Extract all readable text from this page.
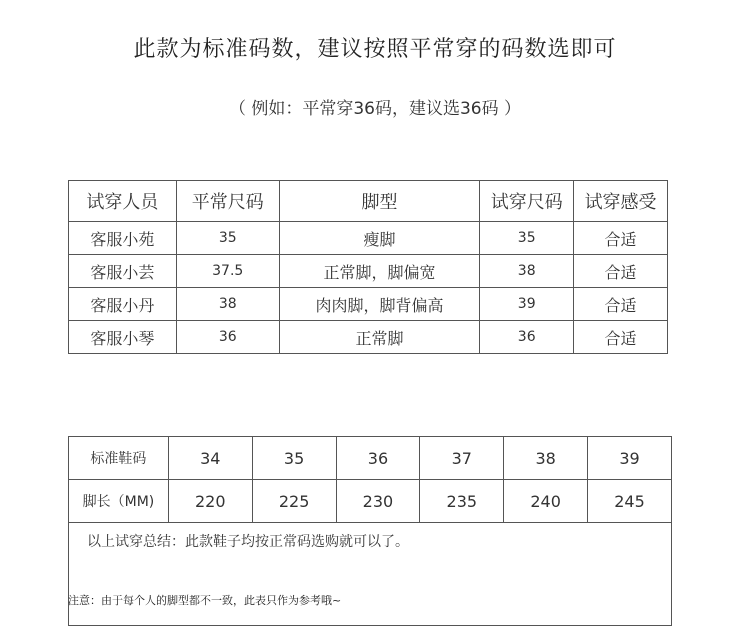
此款为标准码数，建议按照平常穿的码数选即可
（ 例如：平常穿36码，建议选36码 ）
试穿人员	平常尺码	脚型	试穿尺码	试穿感受
客服小苑	35	瘦脚	35	合适
客服小芸	37.5	正常脚，脚偏宽	38	合适
客服小丹	38	肉肉脚，脚背偏高	39	合适
客服小琴	36	正常脚	36	合适
标准鞋码	34	35	36	37	38	39
脚长（MM)	220	225	230	235	240	245

以上试穿总结：此款鞋子均按正常码选购就可以了。						
注意：由于每个人的脚型都不一致，此表只作为参考哦~
